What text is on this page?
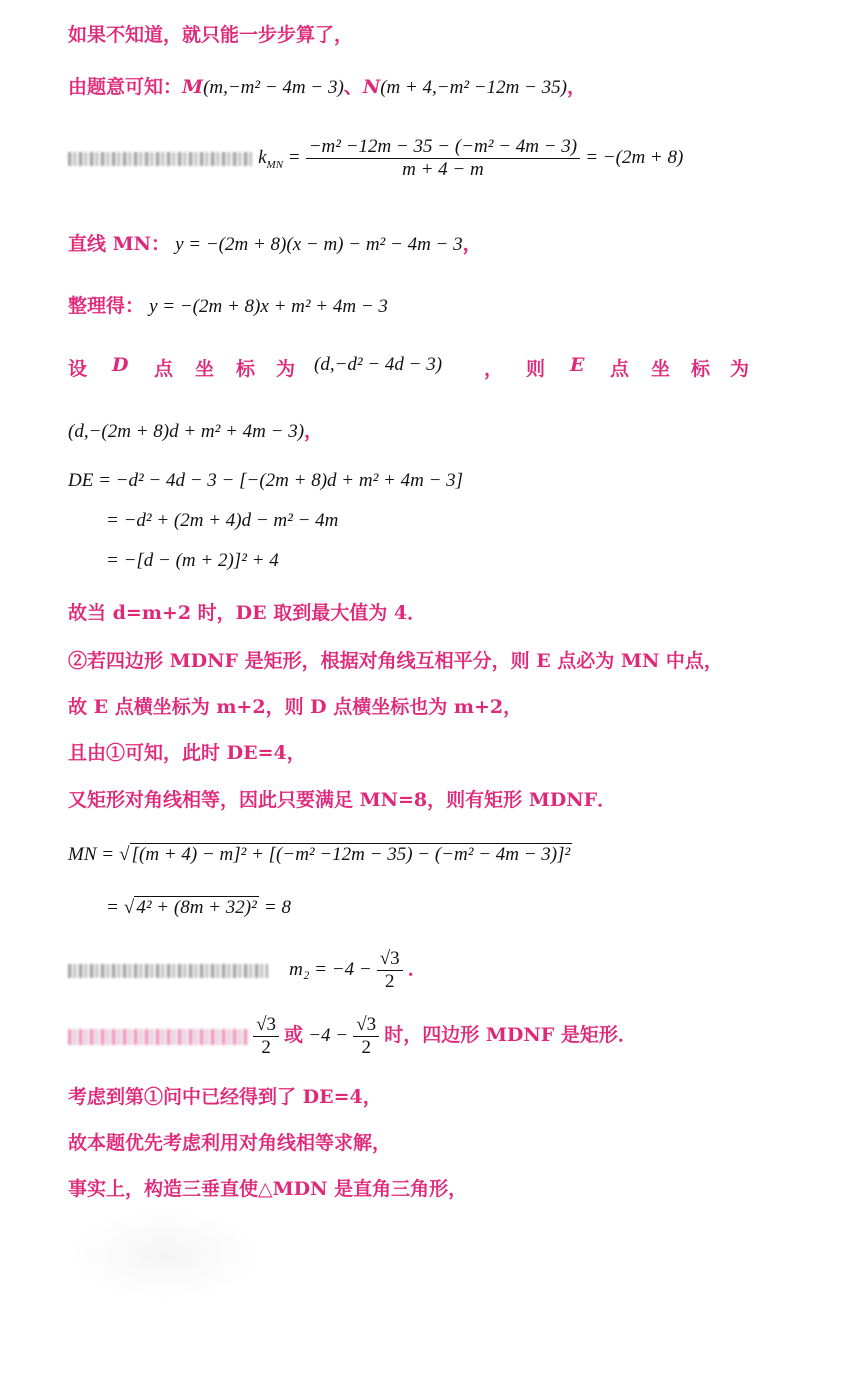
如果不知道，就只能一步步算了，
由题意可知：M(m,−m² − 4m − 3)、N(m + 4,−m² −12m − 35)，
$k_{MN} = \frac{\text{−m² −12m − 35 − (−m² − 4m − 3)}}{m + 4 - m} = -(2m + 8)$
直线 MN： y = −(2m + 8)(x − m) − m² − 4m − 3，
整理得： y = −(2m + 8)x + m² + 4m − 3
设 D 点 坐 标 为 (d,−d² − 4d − 3) ， 则 E 点 坐 标 为
(d,−(2m + 8)d + m² + 4m − 3)，
DE = −d² − 4d − 3 − [−(2m + 8)d + m² + 4m − 3]
= −d² + (2m + 4)d − m² − 4m
= −[d − (m + 2)]² + 4
故当 d=m+2 时，DE 取到最大值为 4．
②若四边形 MDNF 是矩形，根据对角线互相平分，则 E 点必为 MN 中点，
故 E 点横坐标为 m+2，则 D 点横坐标也为 m+2，
且由①可知，此时 DE=4，
又矩形对角线相等，因此只要满足 MN=8，则有矩形 MDNF．
MN = √ [(m + 4) − m]² + [(−m² −12m − 35) − (−m² − 4m − 3)]²
= √ 4² + (8m + 32)² = 8
$m_2 = -4 - \frac{√3}{2}$ ．

$\frac{√3}{2}$ 或 $-4 - \frac{√3}{2}$ 时，四边形 MDNF 是矩形．
考虑到第①问中已经得到了 DE=4，
故本题优先考虑利用对角线相等求解，
事实上，构造三垂直使△MDN 是直角三角形，
